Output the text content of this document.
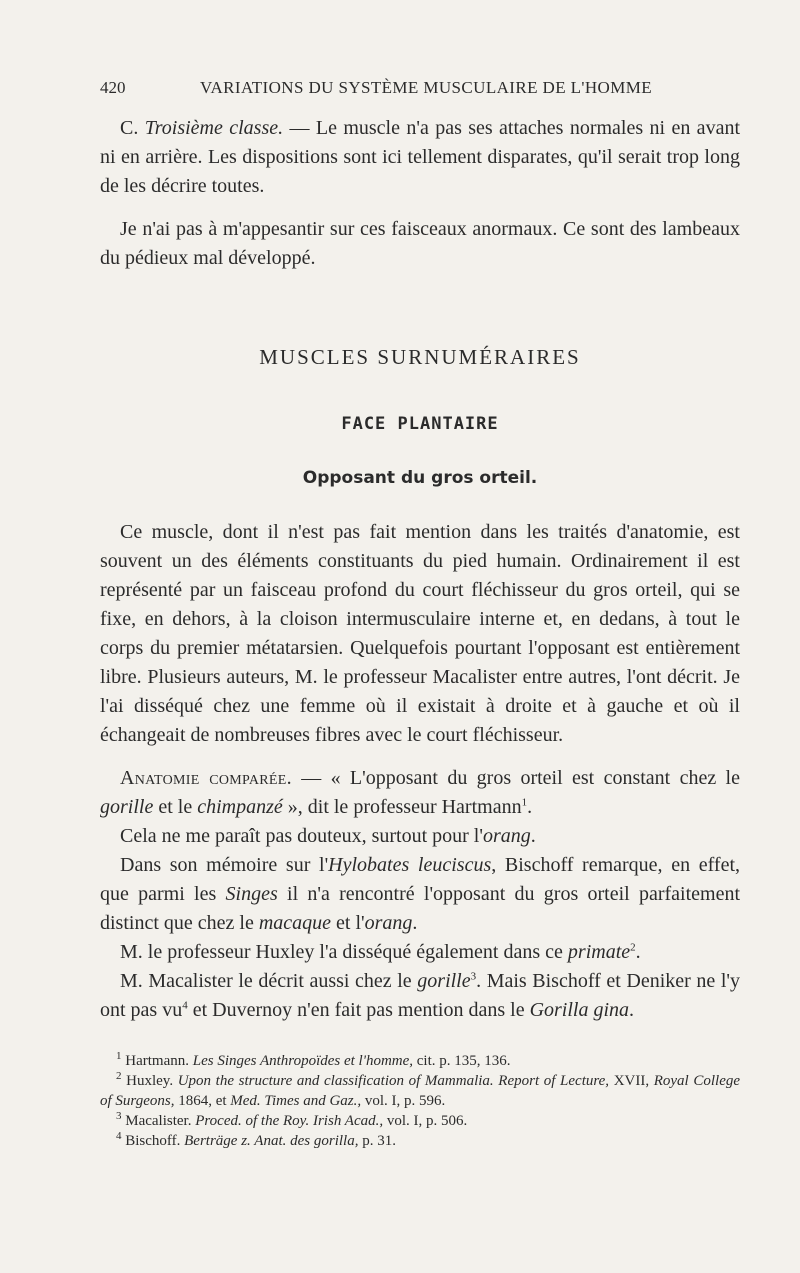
420	VARIATIONS DU SYSTÈME MUSCULAIRE DE L'HOMME

C. Troisième classe. — Le muscle n'a pas ses attaches normales ni en avant ni en arrière. Les dispositions sont ici tellement disparates, qu'il serait trop long de les décrire toutes.

Je n'ai pas à m'appesantir sur ces faisceaux anormaux. Ce sont des lambeaux du pédieux mal développé.

MUSCLES SURNUMÉRAIRES
FACE PLANTAIRE
Opposant du gros orteil.

Ce muscle, dont il n'est pas fait mention dans les traités d'anatomie, est souvent un des éléments constituants du pied humain. Ordinairement il est représenté par un faisceau profond du court fléchisseur du gros orteil, qui se fixe, en dehors, à la cloison intermusculaire interne et, en dedans, à tout le corps du premier métatarsien. Quelquefois pourtant l'opposant est entièrement libre. Plusieurs auteurs, M. le professeur Macalister entre autres, l'ont décrit. Je l'ai disséqué chez une femme où il existait à droite et à gauche et où il échangeait de nombreuses fibres avec le court fléchisseur.

Anatomie comparée. — « L'opposant du gros orteil est constant chez le gorille et le chimpanzé », dit le professeur Hartmann$^1$.

Cela ne me paraît pas douteux, surtout pour l'orang.

Dans son mémoire sur l'Hylobates leuciscus, Bischoff remarque, en effet, que parmi les Singes il n'a rencontré l'opposant du gros orteil parfaitement distinct que chez le macaque et l'orang.

M. le professeur Huxley l'a disséqué également dans ce primate$^2$.

M. Macalister le décrit aussi chez le gorille$^3$. Mais Bischoff et Deniker ne l'y ont pas $vu^4$ et Duvernoy n'en fait pas mention dans le Gorilla gina.

$^1$ Hartmann. Les Singes Anthropoïdes et l'homme, cit. p. 135, 136.

$^2$ Huxley. Upon the structure and classification of Mammalia. Report of Lecture, XVII, Royal College of Surgeons, 1864, et Med. Times and Gaz., vol. I, p. 596.

$^3$ Macalister. Proced. of the Roy. Irish Acad., vol. I, p. 506.

$^4$ Bischoff. Berträge z. Anat. des gorilla, p. 31.
